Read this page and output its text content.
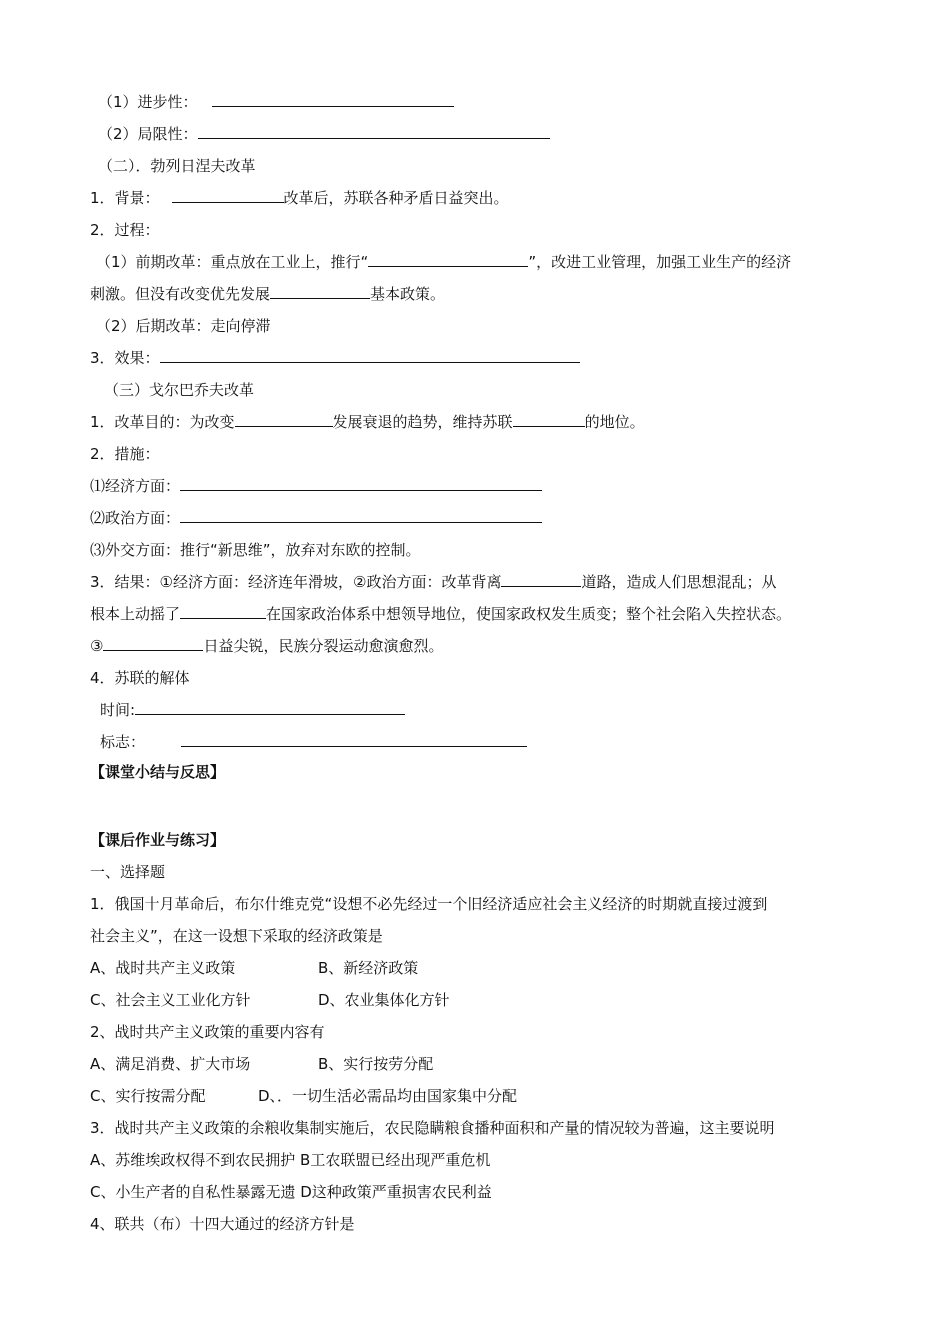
（1）进步性：
（2）局限性：
（二）．勃列日涅夫改革
1．背景：	改革后，苏联各种矛盾日益突出。
2．过程：
（1）前期改革：重点放在工业上，推行“	”，改进工业管理，加强工业生产的经济
刺激。但没有改变优先发展	基本政策。
（2）后期改革：走向停滞
3．效果：
（三）戈尔巴乔夫改革
1．改革目的：为改变	发展衰退的趋势，维持苏联	的地位。
2．措施：
⑴经济方面：
⑵政治方面：
⑶外交方面：推行“新思维”，放弃对东欧的控制。
3．结果：①经济方面：经济连年滑坡，②政治方面：改革背离	道路，造成人们思想混乱；从
根本上动摇了	在国家政治体系中想领导地位，使国家政权发生质变；整个社会陷入失控状态。
③	日益尖锐，民族分裂运动愈演愈烈。
4．苏联的解体
时间:
标志：
【课堂小结与反思】
【课后作业与练习】
一、选择题
1．俄国十月革命后，布尔什维克党“设想不必先经过一个旧经济适应社会主义经济的时期就直接过渡到
社会主义”，在这一设想下采取的经济政策是
A、战时共产主义政策	B、新经济政策
C、社会主义工业化方针	D、农业集体化方针
2、战时共产主义政策的重要内容有
A、满足消费、扩大市场	B、实行按劳分配
C、实行按需分配	D、．一切生活必需品均由国家集中分配
3．战时共产主义政策的余粮收集制实施后，农民隐瞒粮食播种面积和产量的情况较为普遍，这主要说明
A、苏维埃政权得不到农民拥护 B工农联盟已经出现严重危机
C、小生产者的自私性暴露无遗 D这种政策严重损害农民利益
4、联共（布）十四大通过的经济方针是
